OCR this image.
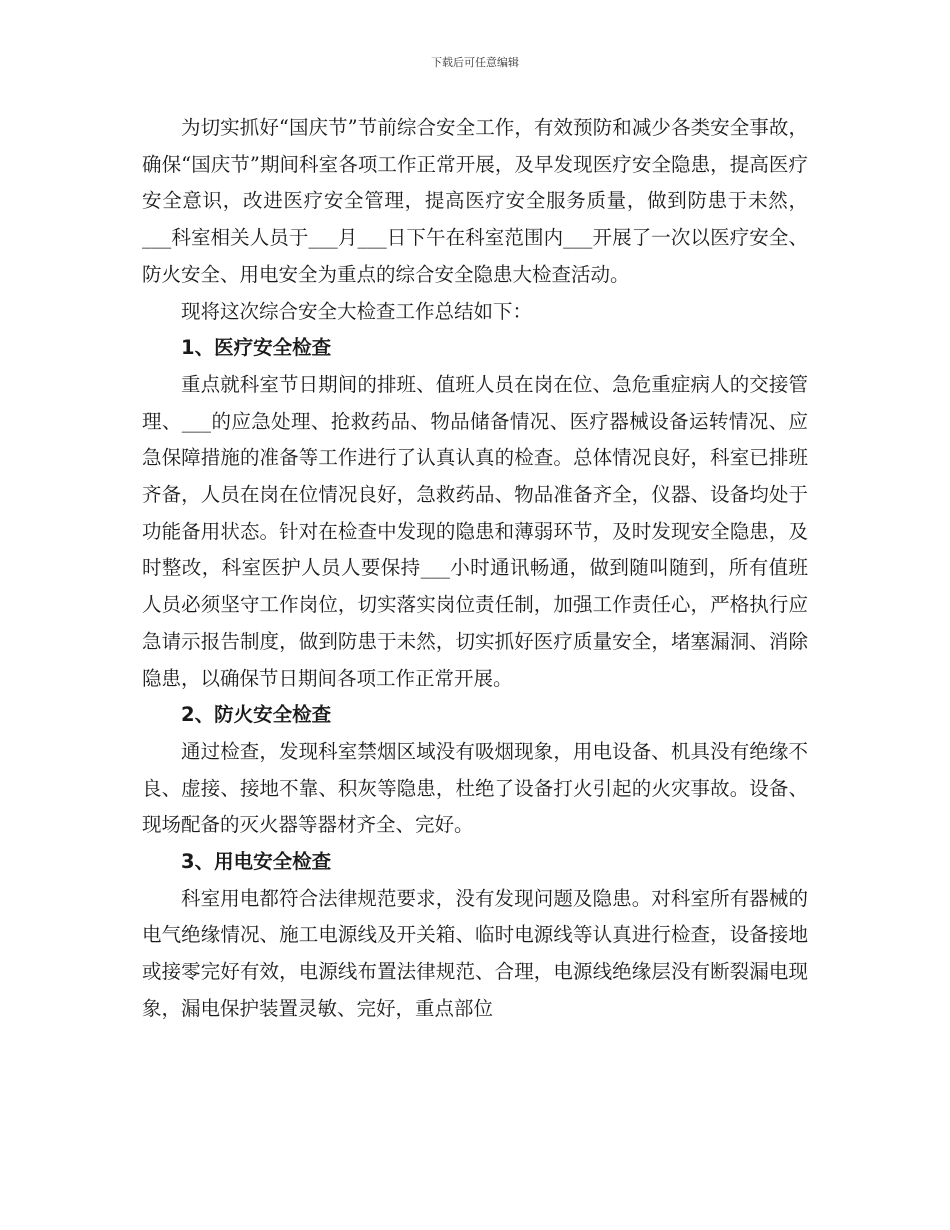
下载后可任意编辑

为切实抓好“国庆节”节前综合安全工作，有效预防和减少各类安全事故，确保“国庆节”期间科室各项工作正常开展，及早发现医疗安全隐患，提高医疗安全意识，改进医疗安全管理，提高医疗安全服务质量，做到防患于未然，___科室相关人员于___月___日下午在科室范围内___开展了一次以医疗安全、防火安全、用电安全为重点的综合安全隐患大检查活动。

现将这次综合安全大检查工作总结如下：

1、医疗安全检查

重点就科室节日期间的排班、值班人员在岗在位、急危重症病人的交接管理、___的应急处理、抢救药品、物品储备情况、医疗器械设备运转情况、应急保障措施的准备等工作进行了认真认真的检查。总体情况良好，科室已排班齐备，人员在岗在位情况良好，急救药品、物品准备齐全，仪器、设备均处于功能备用状态。针对在检查中发现的隐患和薄弱环节，及时发现安全隐患，及时整改，科室医护人员人要保持___小时通讯畅通，做到随叫随到，所有值班人员必须坚守工作岗位，切实落实岗位责任制，加强工作责任心，严格执行应急请示报告制度，做到防患于未然，切实抓好医疗质量安全，堵塞漏洞、消除隐患，以确保节日期间各项工作正常开展。

2、防火安全检查

通过检查，发现科室禁烟区域没有吸烟现象，用电设备、机具没有绝缘不良、虚接、接地不靠、积灰等隐患，杜绝了设备打火引起的火灾事故。设备、现场配备的灭火器等器材齐全、完好。

3、用电安全检查

科室用电都符合法律规范要求，没有发现问题及隐患。对科室所有器械的电气绝缘情况、施工电源线及开关箱、临时电源线等认真进行检查，设备接地或接零完好有效，电源线布置法律规范、合理，电源线绝缘层没有断裂漏电现象，漏电保护装置灵敏、完好，重点部位
